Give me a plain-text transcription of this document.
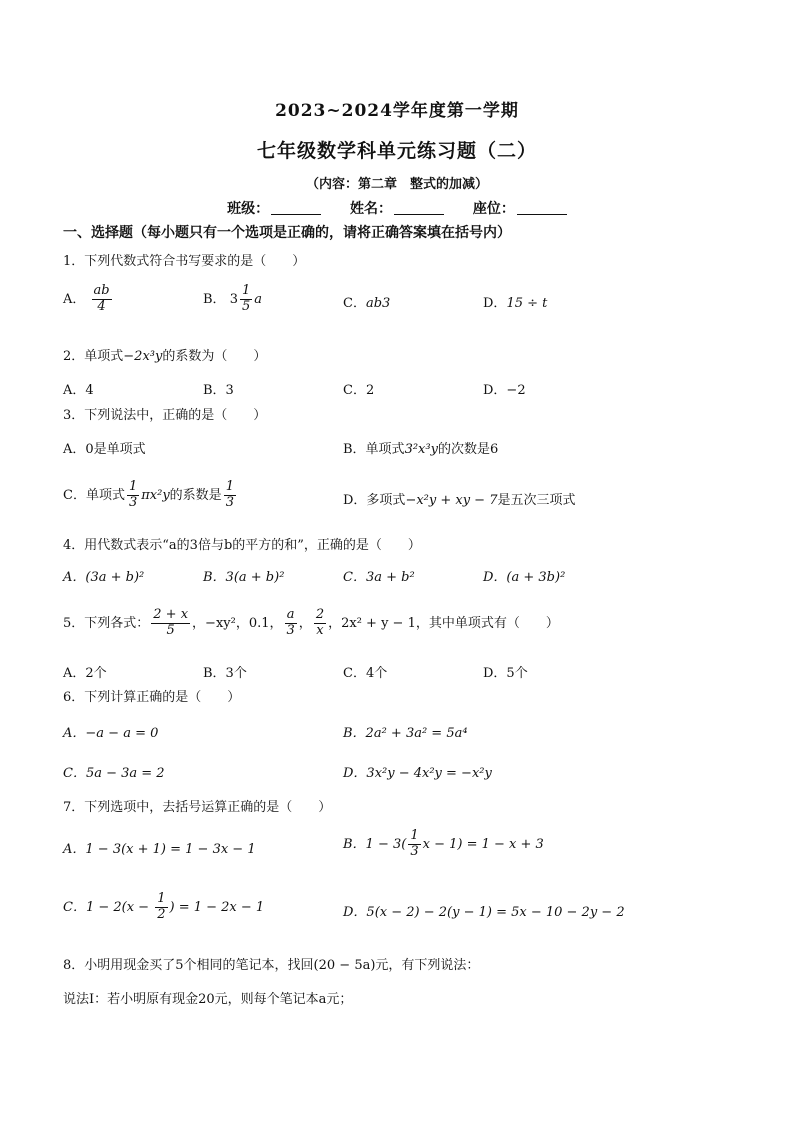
2023~2024学年度第一学期
七年级数学科单元练习题（二）
（内容：第二章　整式的加减）
班级：	姓名：	座位：
一、选择题（每小题只有一个选项是正确的，请将正确答案填在括号内）
1．下列代数式符合书写要求的是（　　）
A． $\frac{ab}{4}$	B． $3 \frac{1}{5}$ a	C．ab3	D．15 ÷ t
2．单项式−2x³y的系数为（　　）
A．4	B．3	C．2	D．−2
3．下列说法中，正确的是（　　）
A．0是单项式	B．单项式3²x³y的次数是6
C．单项式 $\frac{1}{3} \pi x^2y$的系数是 $\frac{1}{3}$	D．多项式−x²y + xy − 7是五次三项式
4．用代数式表示“a的3倍与b的平方的和”，正确的是（　　）
A．(3a + b)²	B．3(a + b)²	C．3a + b²	D．(a + 3b)²
5．下列各式： $\frac{2 + x}{5}$ ，−xy²，0.1， $\frac{a}{3}$ ， $\frac{2}{x}$ ，2x² + y − 1，其中单项式有（　　）
A．2个	B．3个	C．4个	D．5个
6．下列计算正确的是（　　）
A．−a − a = 0	B．2a² + 3a² = 5a⁴
C．5a − 3a = 2	D．3x²y − 4x²y = −x²y
7．下列选项中，去括号运算正确的是（　　）
A．1 − 3(x + 1) = 1 − 3x − 1	B．$1 - 3( \frac{1}{3}$ x − 1) = 1 − x + 3
C．$1 - 2(x - \frac{1}{2}$ ) = 1 − 2x − 1	D．5(x − 2) − 2(y − 1) = 5x − 10 − 2y − 2
8．小明用现金买了5个相同的笔记本，找回(20 − 5a)元，有下列说法：
说法Ⅰ：若小明原有现金20元，则每个笔记本a元；
